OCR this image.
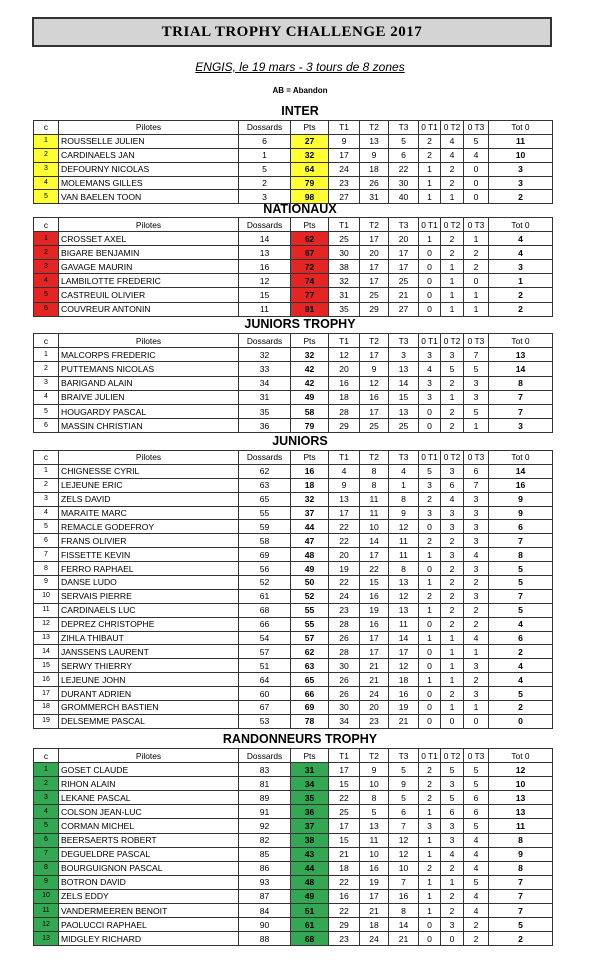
TRIAL TROPHY CHALLENGE 2017
ENGIS, le 19 mars - 3 tours de 8 zones
AB = Abandon
INTER
c	Pilotes	Dossards	Pts	T1	T2	T3	0 T1	0 T2	0 T3	Tot 0
1	ROUSSELLE JULIEN	6	27	9	13	5	2	4	5	11
2	CARDINAELS JAN	1	32	17	9	6	2	4	4	10
3	DEFOURNY NICOLAS	5	64	24	18	22	1	2	0	3
4	MOLEMANS GILLES	2	79	23	26	30	1	2	0	3
5	VAN BAELEN TOON	3	98	27	31	40	1	1	0	2
NATIONAUX
c	Pilotes	Dossards	Pts	T1	T2	T3	0 T1	0 T2	0 T3	Tot 0
1	CROSSET AXEL	14	62	25	17	20	1	2	1	4
2	BIGARE BENJAMIN	13	67	30	20	17	0	2	2	4
3	GAVAGE MAURIN	16	72	38	17	17	0	1	2	3
4	LAMBILOTTE FREDERIC	12	74	32	17	25	0	1	0	1
5	CASTREUIL OLIVIER	15	77	31	25	21	0	1	1	2
6	COUVREUR ANTONIN	11	91	35	29	27	0	1	1	2
JUNIORS TROPHY
c	Pilotes	Dossards	Pts	T1	T2	T3	0 T1	0 T2	0 T3	Tot 0
1	MALCORPS FREDERIC	32	32	12	17	3	3	3	7	13
2	PUTTEMANS NICOLAS	33	42	20	9	13	4	5	5	14
3	BARIGAND ALAIN	34	42	16	12	14	3	2	3	8
4	BRAIVE JULIEN	31	49	18	16	15	3	1	3	7
5	HOUGARDY PASCAL	35	58	28	17	13	0	2	5	7
6	MASSIN CHRISTIAN	36	79	29	25	25	0	2	1	3
JUNIORS
c	Pilotes	Dossards	Pts	T1	T2	T3	0 T1	0 T2	0 T3	Tot 0
1	CHIGNESSE CYRIL	62	16	4	8	4	5	3	6	14
2	LEJEUNE ERIC	63	18	9	8	1	3	6	7	16
3	ZELS DAVID	65	32	13	11	8	2	4	3	9
4	MARAITE MARC	55	37	17	11	9	3	3	3	9
5	REMACLE GODEFROY	59	44	22	10	12	0	3	3	6
6	FRANS OLIVIER	58	47	22	14	11	2	2	3	7
7	FISSETTE KEVIN	69	48	20	17	11	1	3	4	8
8	FERRO RAPHAEL	56	49	19	22	8	0	2	3	5
9	DANSE LUDO	52	50	22	15	13	1	2	2	5
10	SERVAIS PIERRE	61	52	24	16	12	2	2	3	7
11	CARDINAELS LUC	68	55	23	19	13	1	2	2	5
12	DEPREZ CHRISTOPHE	66	55	28	16	11	0	2	2	4
13	ZIHLA THIBAUT	54	57	26	17	14	1	1	4	6
14	JANSSENS LAURENT	57	62	28	17	17	0	1	1	2
15	SERWY THIERRY	51	63	30	21	12	0	1	3	4
16	LEJEUNE JOHN	64	65	26	21	18	1	1	2	4
17	DURANT ADRIEN	60	66	26	24	16	0	2	3	5
18	GROMMERCH BASTIEN	67	69	30	20	19	0	1	1	2
19	DELSEMME PASCAL	53	78	34	23	21	0	0	0	0
RANDONNEURS TROPHY
c	Pilotes	Dossards	Pts	T1	T2	T3	0 T1	0 T2	0 T3	Tot 0
1	GOSET CLAUDE	83	31	17	9	5	2	5	5	12
2	RIHON ALAIN	81	34	15	10	9	2	3	5	10
3	LEKANE PASCAL	89	35	22	8	5	2	5	6	13
4	COLSON JEAN-LUC	91	36	25	5	6	1	6	6	13
5	CORMAN MICHEL	92	37	17	13	7	3	3	5	11
6	BEERSAERTS ROBERT	82	38	15	11	12	1	3	4	8
7	DEGUELDRE PASCAL	85	43	21	10	12	1	4	4	9
8	BOURGUIGNON PASCAL	86	44	18	16	10	2	2	4	8
9	BOTRON DAVID	93	48	22	19	7	1	1	5	7
10	ZELS EDDY	87	49	16	17	16	1	2	4	7
11	VANDERMEEREN BENOIT	84	51	22	21	8	1	2	4	7
12	PAOLUCCI RAPHAEL	90	61	29	18	14	0	3	2	5
13	MIDGLEY RICHARD	88	68	23	24	21	0	0	2	2
